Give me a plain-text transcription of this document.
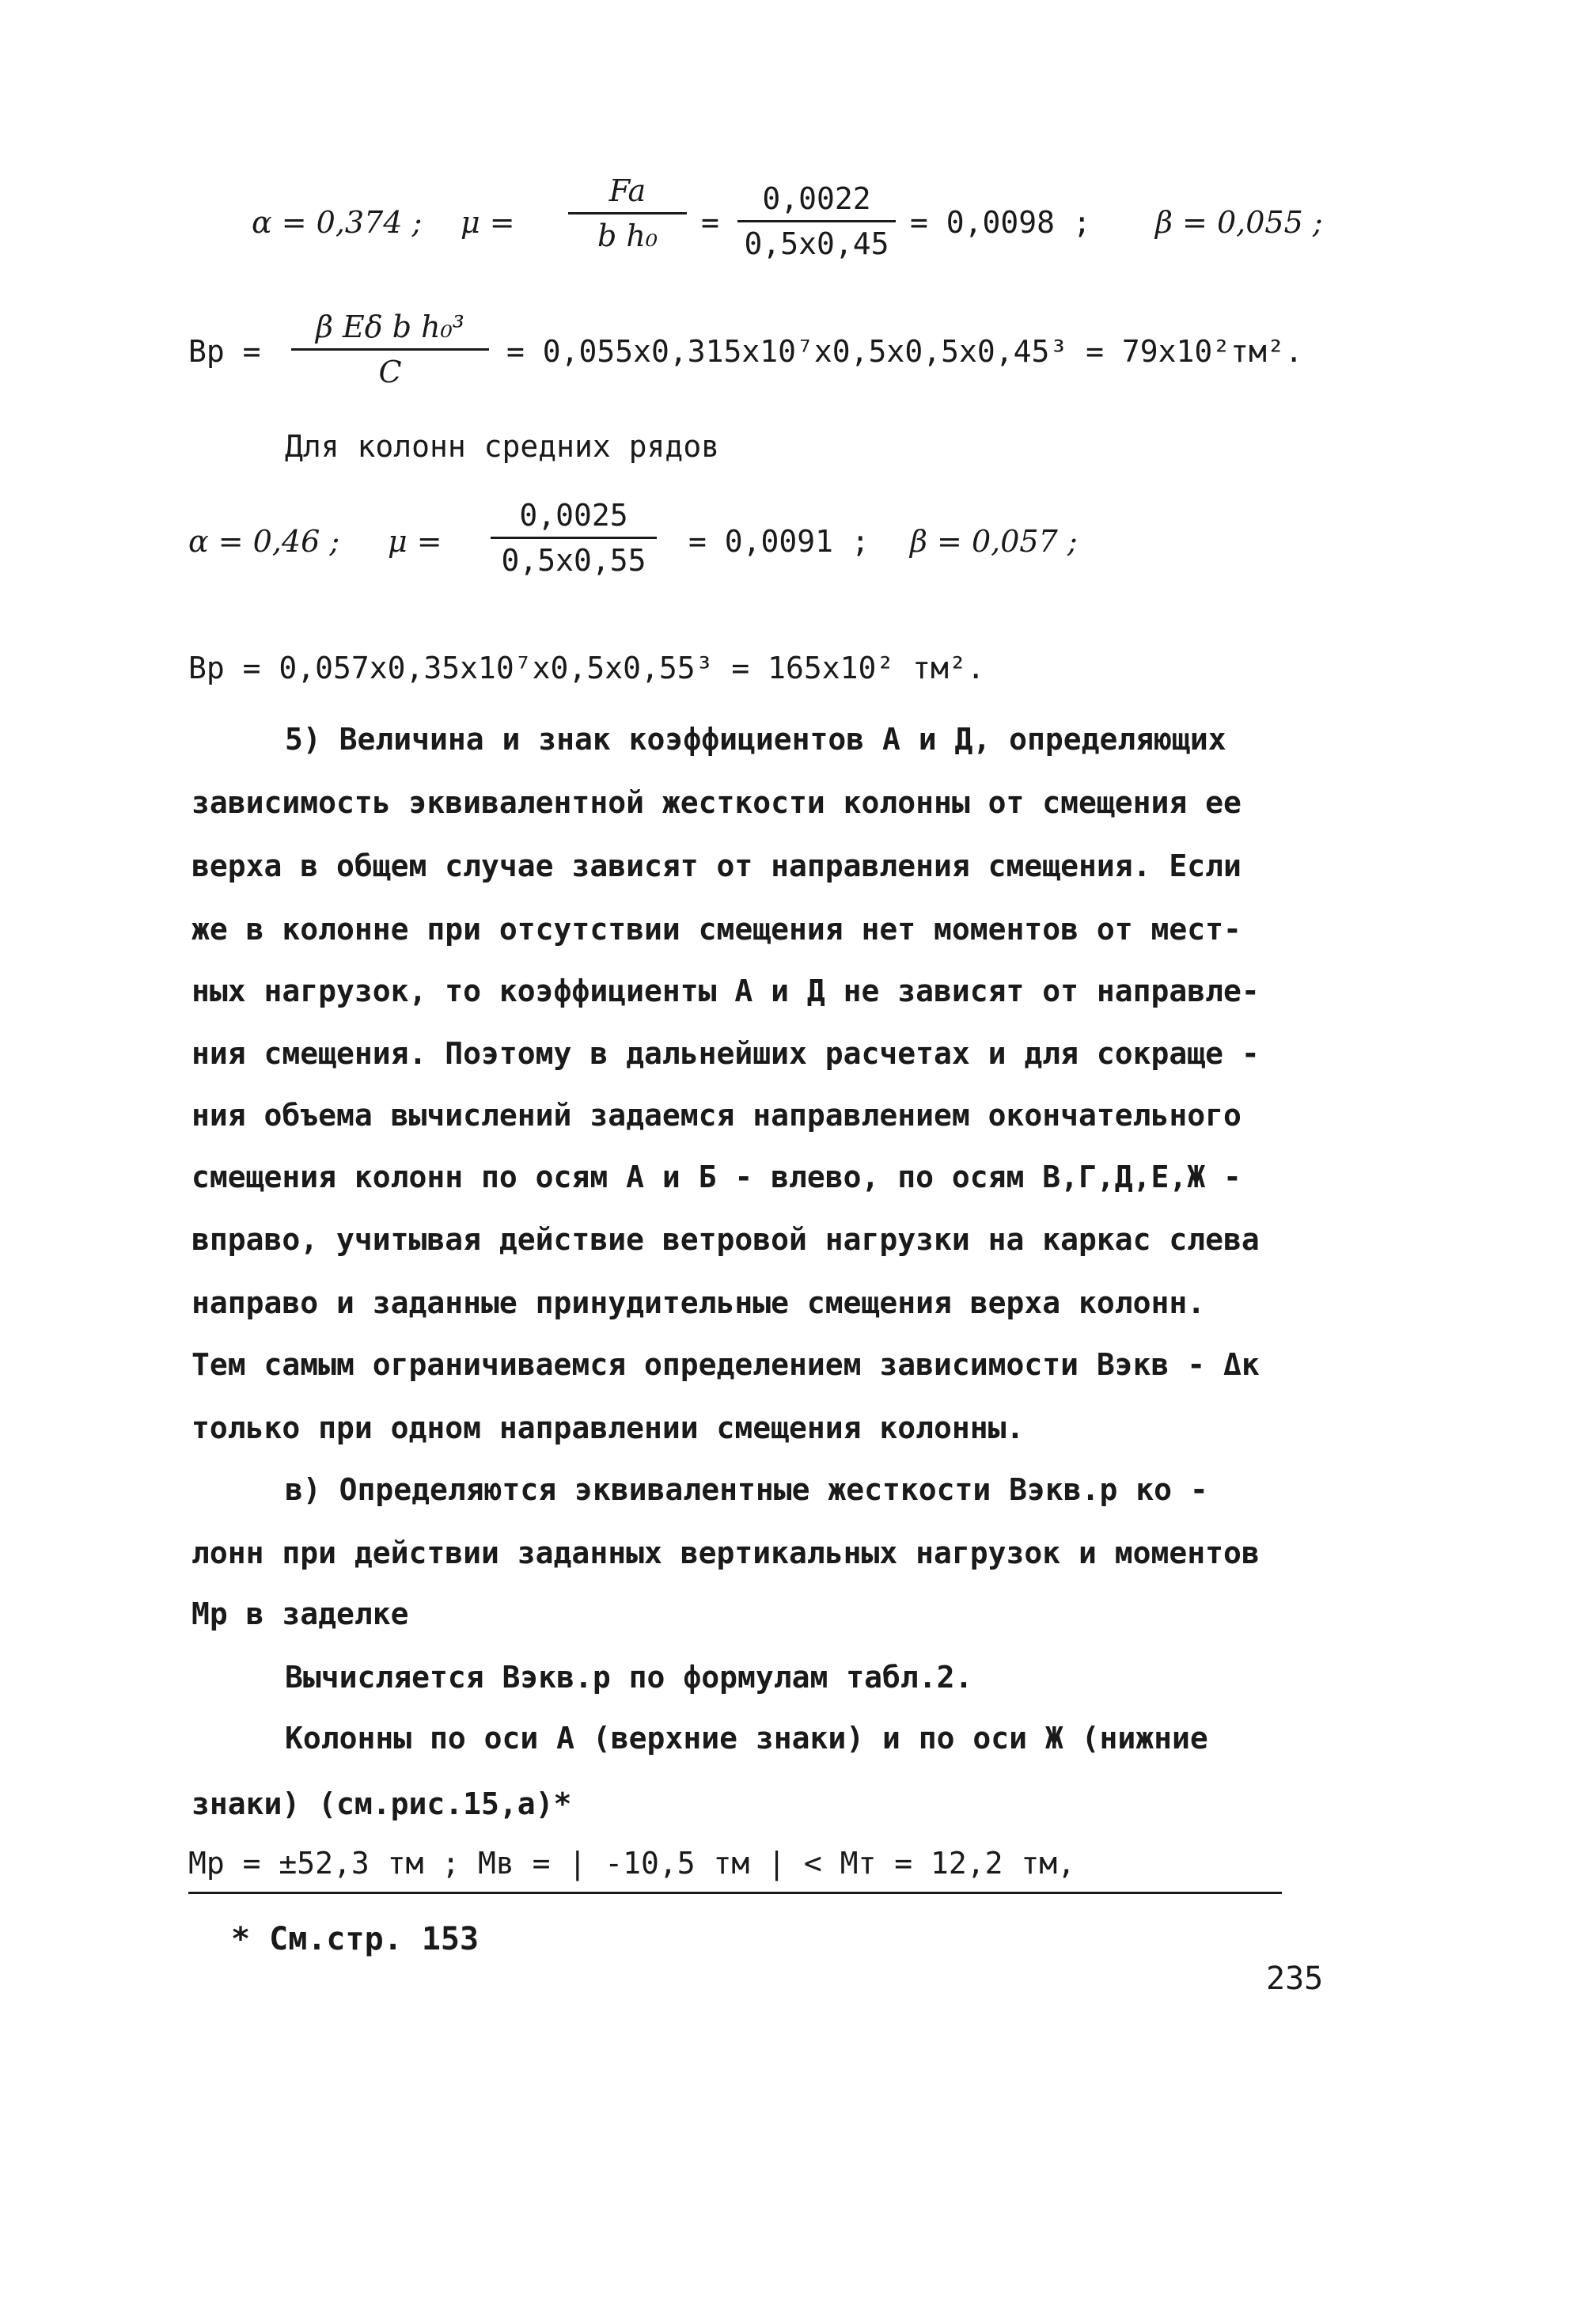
α = 0,374 ; μ =
Fa
b h₀	=
0,0022
0,5x0,45
= 0,0098 ; β = 0,055 ;
Bp =
β Eδ b h₀³
C
= 0,055x0,315x10⁷x0,5x0,5x0,45³ = 79x10²тм².
Для колонн средних рядов
α = 0,46 ; μ =
0,0025
0,5x0,55
= 0,0091 ; β = 0,057 ;
Bp = 0,057x0,35x10⁷x0,5x0,55³ = 165x10² тм².
5) Величина и знак коэффициентов А и Д, определяющих
зависимость эквивалентной жесткости колонны от смещения ее
верха в общем случае зависят от направления смещения. Если
же в колонне при отсутствии смещения нет моментов от мест-
ных нагрузок, то коэффициенты А и Д не зависят от направле-
ния смещения. Поэтому в дальнейших расчетах и для сокраще -
ния объема вычислений задаемся направлением окончательного
смещения колонн по осям А и Б - влево, по осям В,Г,Д,Е,Ж -
вправо, учитывая действие ветровой нагрузки на каркас слева
направо и заданные принудительные смещения верха колонн.
Тем самым ограничиваемся определением зависимости Bэкв - Δк
только при одном направлении смещения колонны.
в) Определяются эквивалентные жесткости Bэкв.р ко -
лонн при действии заданных вертикальных нагрузок и моментов
Мр в заделке
Вычисляется Bэкв.р по формулам табл.2.
Колонны по оси А (верхние знаки) и по оси Ж (нижние
знаки) (см.рис.15,а)*
Мр = ±52,3 тм ; Мв = | -10,5 тм | < Мт = 12,2 тм,
* См.стр. 153
235
